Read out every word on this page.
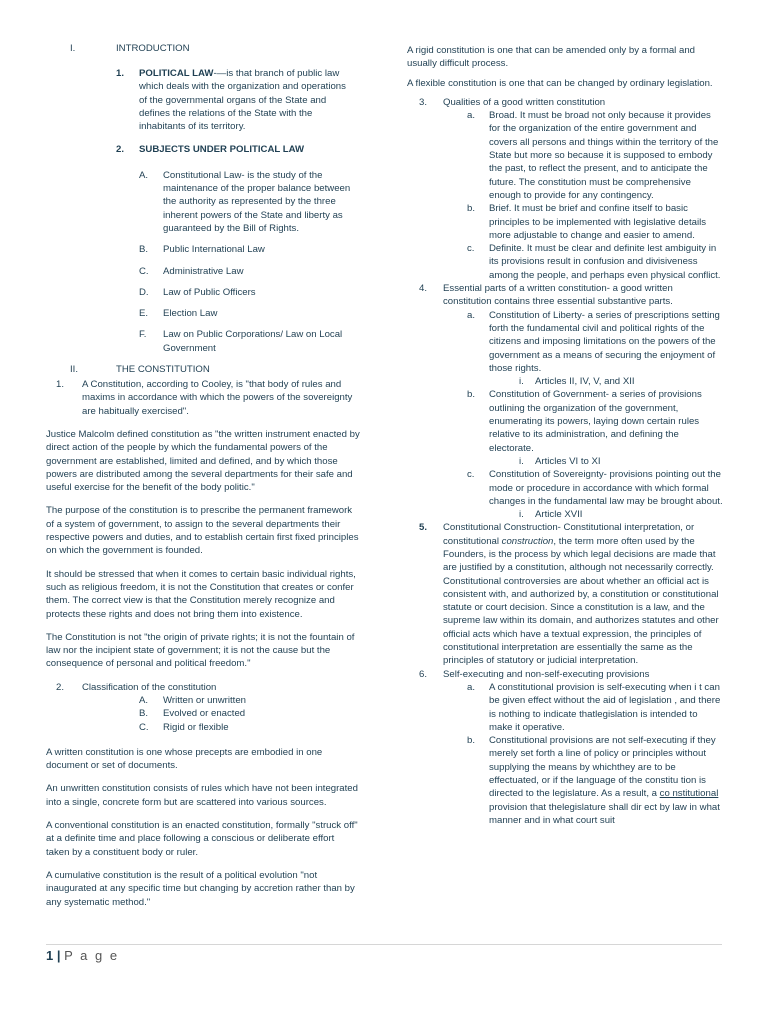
I.	INTRODUCTION
1. POLITICAL LAW-—is that branch of public law which deals with the organization and operations of the governmental organs of the State and defines the relations of the State with the inhabitants of its territory.
2. SUBJECTS UNDER POLITICAL LAW
A. Constitutional Law- is the study of the maintenance of the proper balance between the authority as represented by the three inherent powers of the State and liberty as guaranteed by the Bill of Rights.
B. Public International Law
C. Administrative Law
D. Law of Public Officers
E. Election Law
F. Law on Public Corporations/ Law on Local Government
II.	THE CONSTITUTION
1. A Constitution, according to Cooley, is "that body of rules and maxims in accordance with which the powers of the sovereignty are habitually exercised".

Justice Malcolm defined constitution as "the written instrument enacted by direct action of the people by which the fundamental powers of the government are established, limited and defined, and by which those powers are distributed among the several departments for their safe and useful exercise for the benefit of the body politic."

The purpose of the constitution is to prescribe the permanent framework of a system of government, to assign to the several departments their respective powers and duties, and to establish certain first fixed principles on which the government is founded.

It should be stressed that when it comes to certain basic individual rights, such as religious freedom, it is not the Constitution that creates or confer them. The correct view is that the Constitution merely recognize and protects these rights and does not bring them into existence.

The Constitution is not "the origin of private rights; it is not the fountain of law nor the incipient state of government; it is not the cause but the consequence of personal and political freedom."

2. Classification of the constitution
A. Written or unwritten
B. Evolved or enacted
C. Rigid or flexible

A written constitution is one whose precepts are embodied in one document or set of documents.

An unwritten constitution consists of rules which have not been integrated into a single, concrete form but are scattered into various sources.

A conventional constitution is an enacted constitution, formally "struck off" at a definite time and place following a conscious or deliberate effort taken by a constituent body or ruler.

A cumulative constitution is the result of a political evolution "not inaugurated at any specific time but changing by accretion rather than by any systematic method."

A rigid constitution is one that can be amended only by a formal and usually difficult process.

A flexible constitution is one that can be changed by ordinary legislation.

3. Qualities of a good written constitution
a. Broad. It must be broad not only because it provides for the organization of the entire government and covers all persons and things within the territory of the State but more so because it is supposed to embody the past, to reflect the present, and to anticipate the future. The constitution must be comprehensive enough to provide for any contingency.
b. Brief. It must be brief and confine itself to basic principles to be implemented with legislative details more adjustable to change and easier to amend.
c. Definite. It must be clear and definite lest ambiguity in its provisions result in confusion and divisiveness among the people, and perhaps even physical conflict.
4. Essential parts of a written constitution- a good written constitution contains three essential substantive parts.
a. Constitution of Liberty- a series of prescriptions setting forth the fundamental civil and political rights of the citizens and imposing limitations on the powers of the government as a means of securing the enjoyment of those rights.
i. Articles II, IV, V, and XII
b. Constitution of Government- a series of provisions outlining the organization of the government, enumerating its powers, laying down certain rules relative to its administration, and defining the electorate.
i. Articles VI to XI
c. Constitution of Sovereignty- provisions pointing out the mode or procedure in accordance with which formal changes in the fundamental law may be brought about.
i. Article XVII
5. Constitutional Construction- Constitutional interpretation, or constitutional construction, the term more often used by the Founders, is the process by which legal decisions are made that are justified by a constitution, although not necessarily correctly. Constitutional controversies are about whether an official act is consistent with, and authorized by, a constitution or constitutional statute or court decision. Since a constitution is a law, and the supreme law within its domain, and authorizes statutes and other official acts which have a textual expression, the principles of constitutional interpretation are essentially the same as the principles of statutory or judicial interpretation.
6. Self-executing and non-self-executing provisions
a. A constitutional provision is self-executing when i t can be given effect without the aid of legislation , and there is nothing to indicate thatlegislation is intended to make it operative.
b. Constitutional provisions are not self-executing if they merely set forth a line of policy or principles without supplying the means by whichthey are to be effectuated, or if the language of the constitu tion is directed to the legislature. As a result, a co nstitutional provision that thelegislature shall dir ect by law in what manner and in what court suit
1 | P a g e
